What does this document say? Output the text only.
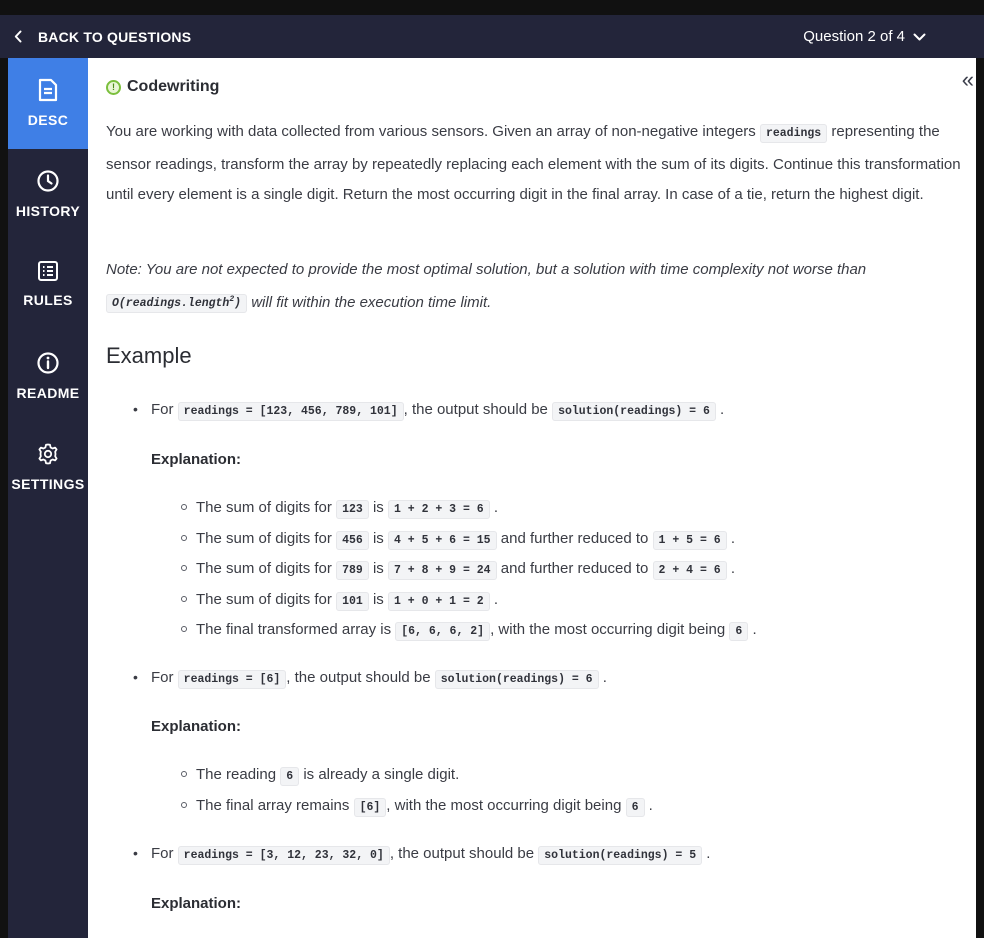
BACK TO QUESTIONS	Question 2 of 4
DESC
HISTORY
RULES
README
SETTINGS
«
! Codewriting
You are working with data collected from various sensors. Given an array of non-negative integers readings representing the sensor readings, transform the array by repeatedly replacing each element with the sum of its digits. Continue this transformation until every element is a single digit. Return the most occurring digit in the final array. In case of a tie, return the highest digit.
Note: You are not expected to provide the most optimal solution, but a solution with time complexity not worse than
O(readings.length$^2$) will fit within the execution time limit.
Example
• For readings = [123, 456, 789, 101] , the output should be solution(readings) = 6 .
Explanation:
The sum of digits for 123 is 1 + 2 + 3 = 6 .
The sum of digits for 456 is 4 + 5 + 6 = 15 and further reduced to 1 + 5 = 6 .
The sum of digits for 789 is 7 + 8 + 9 = 24 and further reduced to 2 + 4 = 6 .
The sum of digits for 101 is 1 + 0 + 1 = 2 .
The final transformed array is [6, 6, 6, 2] , with the most occurring digit being 6 .
• For readings = [6] , the output should be solution(readings) = 6 .
Explanation:
The reading 6 is already a single digit.
The final array remains [6] , with the most occurring digit being 6 .
• For readings = [3, 12, 23, 32, 0] , the output should be solution(readings) = 5 .
Explanation:
